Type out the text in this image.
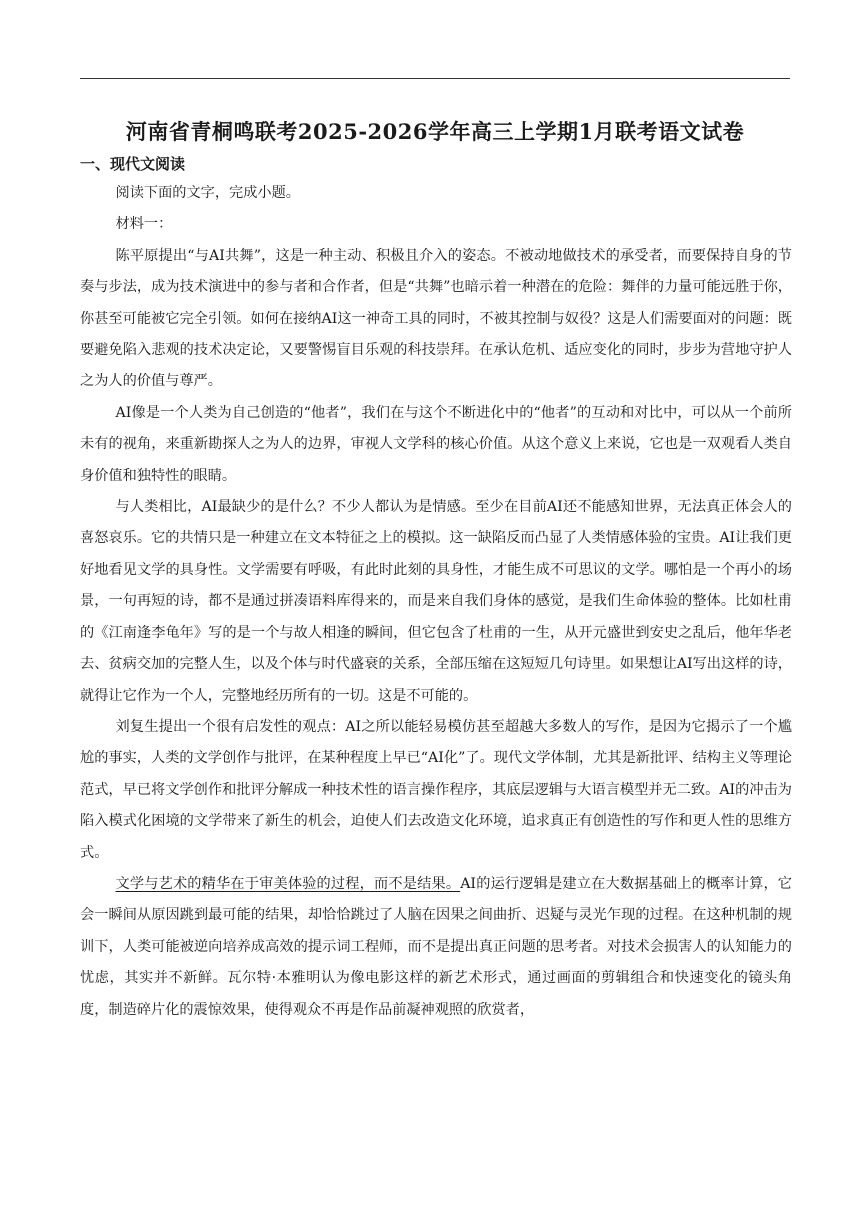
河南省青桐鸣联考2025-2026学年高三上学期1月联考语文试卷
一、现代文阅读

阅读下面的文字，完成小题。

材料一：

陈平原提出“与AI共舞”，这是一种主动、积极且介入的姿态。不被动地做技术的承受者，而要保持自身的节奏与步法，成为技术演进中的参与者和合作者，但是“共舞”也暗示着一种潜在的危险：舞伴的力量可能远胜于你，你甚至可能被它完全引领。如何在接纳AI这一神奇工具的同时，不被其控制与奴役？这是人们需要面对的问题：既要避免陷入悲观的技术决定论，又要警惕盲目乐观的科技崇拜。在承认危机、适应变化的同时，步步为营地守护人之为人的价值与尊严。

AI像是一个人类为自己创造的“他者”，我们在与这个不断进化中的“他者”的互动和对比中，可以从一个前所未有的视角，来重新勘探人之为人的边界，审视人文学科的核心价值。从这个意义上来说，它也是一双观看人类自身价值和独特性的眼睛。

与人类相比，AI最缺少的是什么？不少人都认为是情感。至少在目前AI还不能感知世界，无法真正体会人的喜怒哀乐。它的共情只是一种建立在文本特征之上的模拟。这一缺陷反而凸显了人类情感体验的宝贵。AI让我们更好地看见文学的具身性。文学需要有呼吸，有此时此刻的具身性，才能生成不可思议的文学。哪怕是一个再小的场景，一句再短的诗，都不是通过拼凑语料库得来的，而是来自我们身体的感觉，是我们生命体验的整体。比如杜甫的《江南逢李龟年》写的是一个与故人相逢的瞬间，但它包含了杜甫的一生，从开元盛世到安史之乱后，他年华老去、贫病交加的完整人生，以及个体与时代盛衰的关系，全部压缩在这短短几句诗里。如果想让AI写出这样的诗，就得让它作为一个人，完整地经历所有的一切。这是不可能的。

刘复生提出一个很有启发性的观点：AI之所以能轻易模仿甚至超越大多数人的写作，是因为它揭示了一个尴尬的事实，人类的文学创作与批评，在某种程度上早已“AI化”了。现代文学体制，尤其是新批评、结构主义等理论范式，早已将文学创作和批评分解成一种技术性的语言操作程序，其底层逻辑与大语言模型并无二致。AI的冲击为陷入模式化困境的文学带来了新生的机会，迫使人们去改造文化环境，追求真正有创造性的写作和更人性的思维方式。

文学与艺术的精华在于审美体验的过程，而不是结果。AI的运行逻辑是建立在大数据基础上的概率计算，它会一瞬间从原因跳到最可能的结果，却恰恰跳过了人脑在因果之间曲折、迟疑与灵光乍现的过程。在这种机制的规训下，人类可能被逆向培养成高效的提示词工程师，而不是提出真正问题的思考者。对技术会损害人的认知能力的忧虑，其实并不新鲜。瓦尔特·本雅明认为像电影这样的新艺术形式，通过画面的剪辑组合和快速变化的镜头角度，制造碎片化的震惊效果，使得观众不再是作品前凝神观照的欣赏者，
